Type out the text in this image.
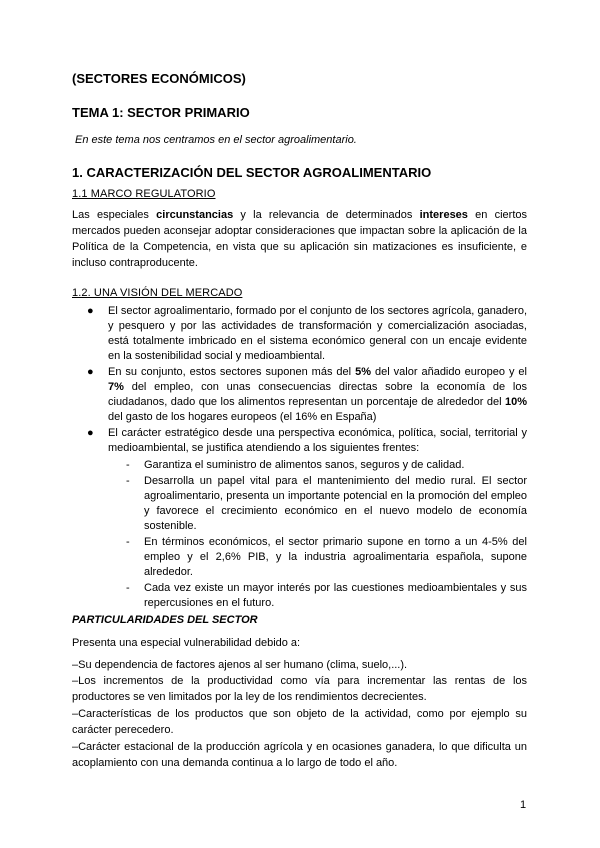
(SECTORES ECONÓMICOS)

TEMA 1: SECTOR PRIMARIO

En este tema nos centramos en el sector agroalimentario.

1. CARACTERIZACIÓN DEL SECTOR AGROALIMENTARIO

1.1 MARCO REGULATORIO

Las especiales circunstancias y la relevancia de determinados intereses en ciertos mercados pueden aconsejar adoptar consideraciones que impactan sobre la aplicación de la Política de la Competencia, en vista que su aplicación sin matizaciones es insuficiente, e incluso contraproducente.

1.2. UNA VISIÓN DEL MERCADO

● El sector agroalimentario, formado por el conjunto de los sectores agrícola, ganadero, y pesquero y por las actividades de transformación y comercialización asociadas, está totalmente imbricado en el sistema económico general con un encaje evidente en la sostenibilidad social y medioambiental.
● En su conjunto, estos sectores suponen más del 5% del valor añadido europeo y el 7% del empleo, con unas consecuencias directas sobre la economía de los ciudadanos, dado que los alimentos representan un porcentaje de alrededor del 10% del gasto de los hogares europeos (el 16% en España)
● El carácter estratégico desde una perspectiva económica, política, social, territorial y medioambiental, se justifica atendiendo a los siguientes frentes:
- Garantiza el suministro de alimentos sanos, seguros y de calidad.
- Desarrolla un papel vital para el mantenimiento del medio rural. El sector agroalimentario, presenta un importante potencial en la promoción del empleo y favorece el crecimiento económico en el nuevo modelo de economía sostenible.
- En términos económicos, el sector primario supone en torno a un 4-5% del empleo y el 2,6% PIB, y la industria agroalimentaria española, supone alrededor.
- Cada vez existe un mayor interés por las cuestiones medioambientales y sus repercusiones en el futuro.

PARTICULARIDADES DEL SECTOR

Presenta una especial vulnerabilidad debido a:

–Su dependencia de factores ajenos al ser humano (clima, suelo,...).

–Los incrementos de la productividad como vía para incrementar las rentas de los productores se ven limitados por la ley de los rendimientos decrecientes.

–Características de los productos que son objeto de la actividad, como por ejemplo su carácter perecedero.

–Carácter estacional de la producción agrícola y en ocasiones ganadera, lo que dificulta un acoplamiento con una demanda continua a lo largo de todo el año.

1
